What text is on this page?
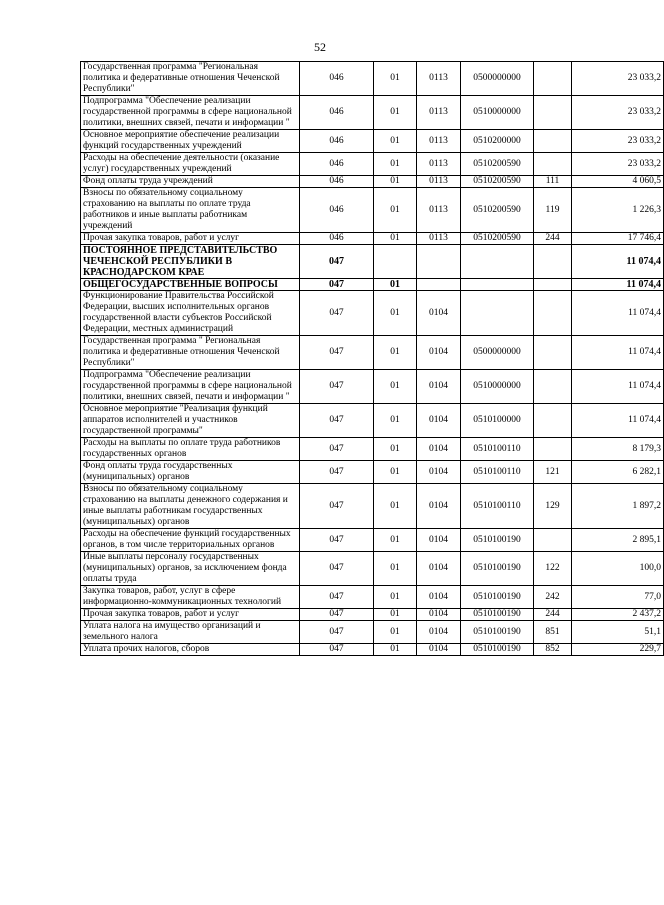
52
Государственная программа "Региональная политика и федеративные отношения Чеченской Республики"	046	01	0113	0500000000		23 033,2
Подпрограмма "Обеспечение реализации государственной программы в сфере национальной политики, внешних связей, печати и информации "	046	01	0113	0510000000		23 033,2
Основное мероприятие обеспечение реализации функций государственных учреждений	046	01	0113	0510200000		23 033,2
Расходы на обеспечение деятельности (оказание услуг) государственных учреждений	046	01	0113	0510200590		23 033,2
Фонд оплаты труда учреждений	046	01	0113	0510200590	111	4 060,5
Взносы по обязательному социальному страхованию на выплаты по оплате труда работников и иные выплаты работникам учреждений	046	01	0113	0510200590	119	1 226,3
Прочая закупка товаров, работ и услуг	046	01	0113	0510200590	244	17 746,4
ПОСТОЯННОЕ ПРЕДСТАВИТЕЛЬСТВО ЧЕЧЕНСКОЙ РЕСПУБЛИКИ В КРАСНОДАРСКОМ КРАЕ	047					11 074,4
ОБЩЕГОСУДАРСТВЕННЫЕ ВОПРОСЫ	047	01				11 074,4
Функционирование Правительства Российской Федерации, высших исполнительных органов государственной власти субъектов Российской Федерации, местных администраций	047	01	0104			11 074,4
Государственная программа " Региональная политика и федеративные отношения Чеченской Республики"	047	01	0104	0500000000		11 074,4
Подпрограмма "Обеспечение реализации государственной программы в сфере национальной политики, внешних связей, печати и информации "	047	01	0104	0510000000		11 074,4
Основное мероприятие "Реализация функций аппаратов исполнителей и участников государственной программы"	047	01	0104	0510100000		11 074,4
Расходы на выплаты по оплате труда работников государственных органов	047	01	0104	0510100110		8 179,3
Фонд оплаты труда государственных (муниципальных) органов	047	01	0104	0510100110	121	6 282,1
Взносы по обязательному социальному страхованию на выплаты денежного содержания и иные выплаты работникам государственных (муниципальных) органов	047	01	0104	0510100110	129	1 897,2
Расходы на обеспечение функций государственных органов, в том числе территориальных органов	047	01	0104	0510100190		2 895,1
Иные выплаты персоналу государственных (муниципальных) органов, за исключением фонда оплаты труда	047	01	0104	0510100190	122	100,0
Закупка товаров, работ, услуг в сфере информационно-коммуникационных технологий	047	01	0104	0510100190	242	77,0
Прочая закупка товаров, работ и услуг	047	01	0104	0510100190	244	2 437,2
Уплата налога на имущество организаций и земельного налога	047	01	0104	0510100190	851	51,1
Уплата прочих налогов, сборов	047	01	0104	0510100190	852	229,7
